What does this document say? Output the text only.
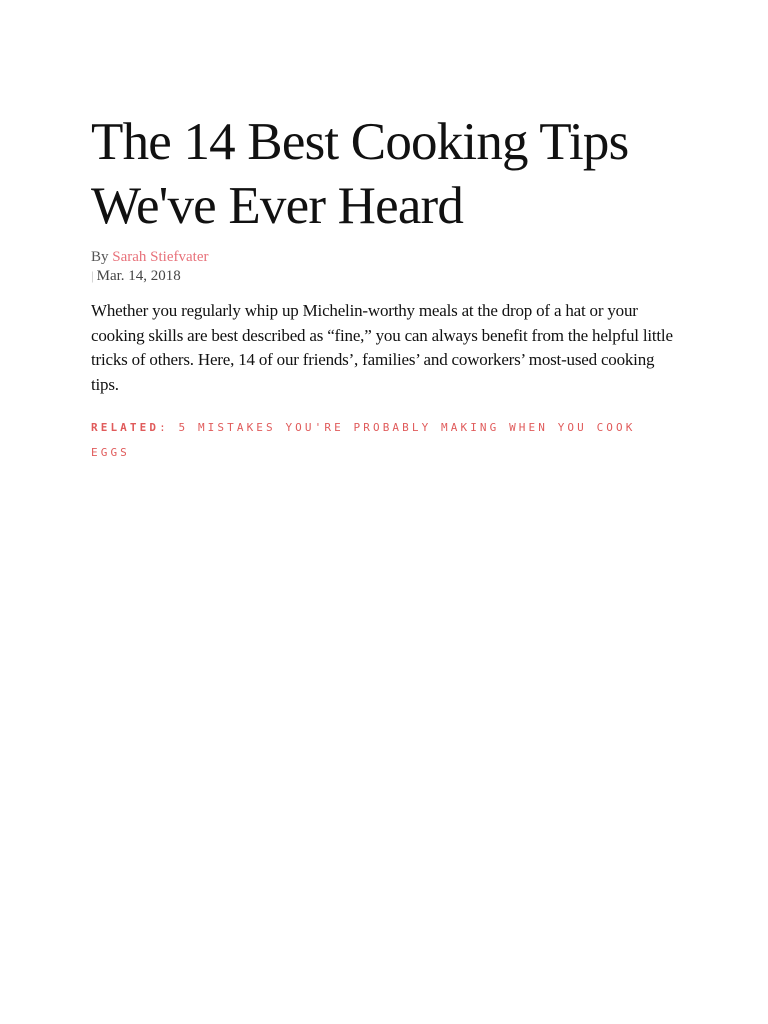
The 14 Best Cooking Tips
We've Ever Heard
By Sarah Stiefvater
| Mar. 14, 2018

Whether you regularly whip up Michelin-worthy meals at the drop of a hat or your cooking skills are best described as “fine,” you can always benefit from the helpful little tricks of others. Here, 14 of our friends’, families’ and coworkers’ most-used cooking tips.

RELATED: 5 MISTAKES YOU'RE PROBABLY MAKING WHEN YOU COOK EGGS
